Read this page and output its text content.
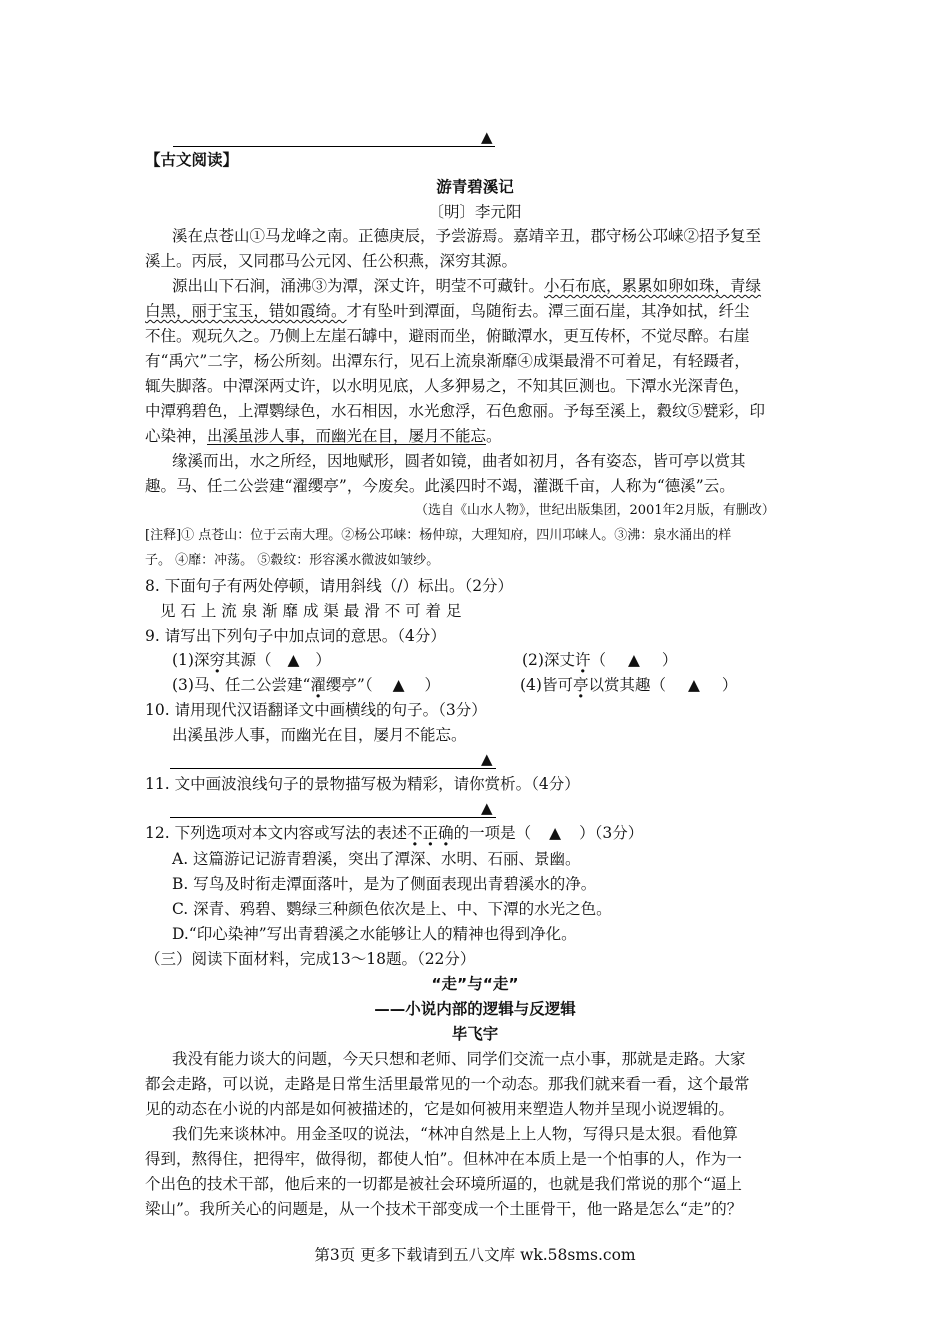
▲
【古文阅读】
游青碧溪记
〔明〕李元阳
溪在点苍山①马龙峰之南。正德庚辰，予尝游焉。嘉靖辛丑，郡守杨公邛崃②招予复至
溪上。丙辰，又同郡马公元冈、任公积燕，深穷其源。
源出山下石涧，涌沸③为潭，深丈许，明莹不可藏针。小石布底，累累如卵如珠，青绿
白黑，丽于宝玉，错如霞绮。才有坠叶到潭面，鸟随衔去。潭三面石崖，其净如拭，纤尘
不住。观玩久之。乃侧上左崖石罅中，避雨而坐，俯瞰潭水，更互传杯，不觉尽醉。右崖
有“禹穴”二字，杨公所刻。出潭东行，见石上流泉渐靡④成渠最滑不可着足，有轻蹑者，
辄失脚落。中潭深两丈许，以水明见底，人多狎易之，不知其叵测也。下潭水光深青色，
中潭鸦碧色，上潭鹦绿色，水石相因，水光愈浮，石色愈丽。予每至溪上，縠纹⑤甓彩，印
心染神，出溪虽涉人事，而幽光在目，屡月不能忘。
缘溪而出，水之所经，因地赋形，圆者如镜，曲者如初月，各有姿态，皆可亭以赏其
趣。马、任二公尝建“濯缨亭”，今废矣。此溪四时不竭，灌溉千亩，人称为“德溪”云。
（选自《山水人物》，世纪出版集团，2001年2月版，有删改）
[注释]① 点苍山：位于云南大理。②杨公邛崃：杨仲琼，大理知府，四川邛崃人。③沸：泉水涌出的样
子。 ④靡：冲荡。 ⑤縠纹：形容溪水微波如皱纱。
8. 下面句子有两处停顿，请用斜线（/）标出。（2分）
见 石 上 流 泉 渐 靡 成 渠 最 滑 不 可 着 足
9. 请写出下列句子中加点词的意思。（4分）
(1)深穷其源（ ▲ ）	(2)深丈许（ ▲ ）
(3)马、任二公尝建“濯缨亭”（ ▲ ）	(4)皆可亭以赏其趣（ ▲ ）
10. 请用现代汉语翻译文中画横线的句子。（3分）
出溪虽涉人事，而幽光在目，屡月不能忘。
▲
11. 文中画波浪线句子的景物描写极为精彩，请你赏析。（4分）
▲
12. 下列选项对本文内容或写法的表述不正确的一项是（ ▲ ）（3分）
A. 这篇游记记游青碧溪，突出了潭深、水明、石丽、景幽。
B. 写鸟及时衔走潭面落叶，是为了侧面表现出青碧溪水的净。
C. 深青、鸦碧、鹦绿三种颜色依次是上、中、下潭的水光之色。
D.“印心染神”写出青碧溪之水能够让人的精神也得到净化。
（三）阅读下面材料，完成13～18题。（22分）
“走”与“走”
——小说内部的逻辑与反逻辑
毕飞宇
我没有能力谈大的问题，今天只想和老师、同学们交流一点小事，那就是走路。大家
都会走路，可以说，走路是日常生活里最常见的一个动态。那我们就来看一看，这个最常
见的动态在小说的内部是如何被描述的，它是如何被用来塑造人物并呈现小说逻辑的。
我们先来谈林冲。用金圣叹的说法，“林冲自然是上上人物，写得只是太狠。看他算
得到，熬得住，把得牢，做得彻，都使人怕”。但林冲在本质上是一个怕事的人，作为一
个出色的技术干部，他后来的一切都是被社会环境所逼的，也就是我们常说的那个“逼上
梁山”。我所关心的问题是，从一个技术干部变成一个土匪骨干，他一路是怎么“走”的？
第3页 更多下载请到五八文库 wk.58sms.com
